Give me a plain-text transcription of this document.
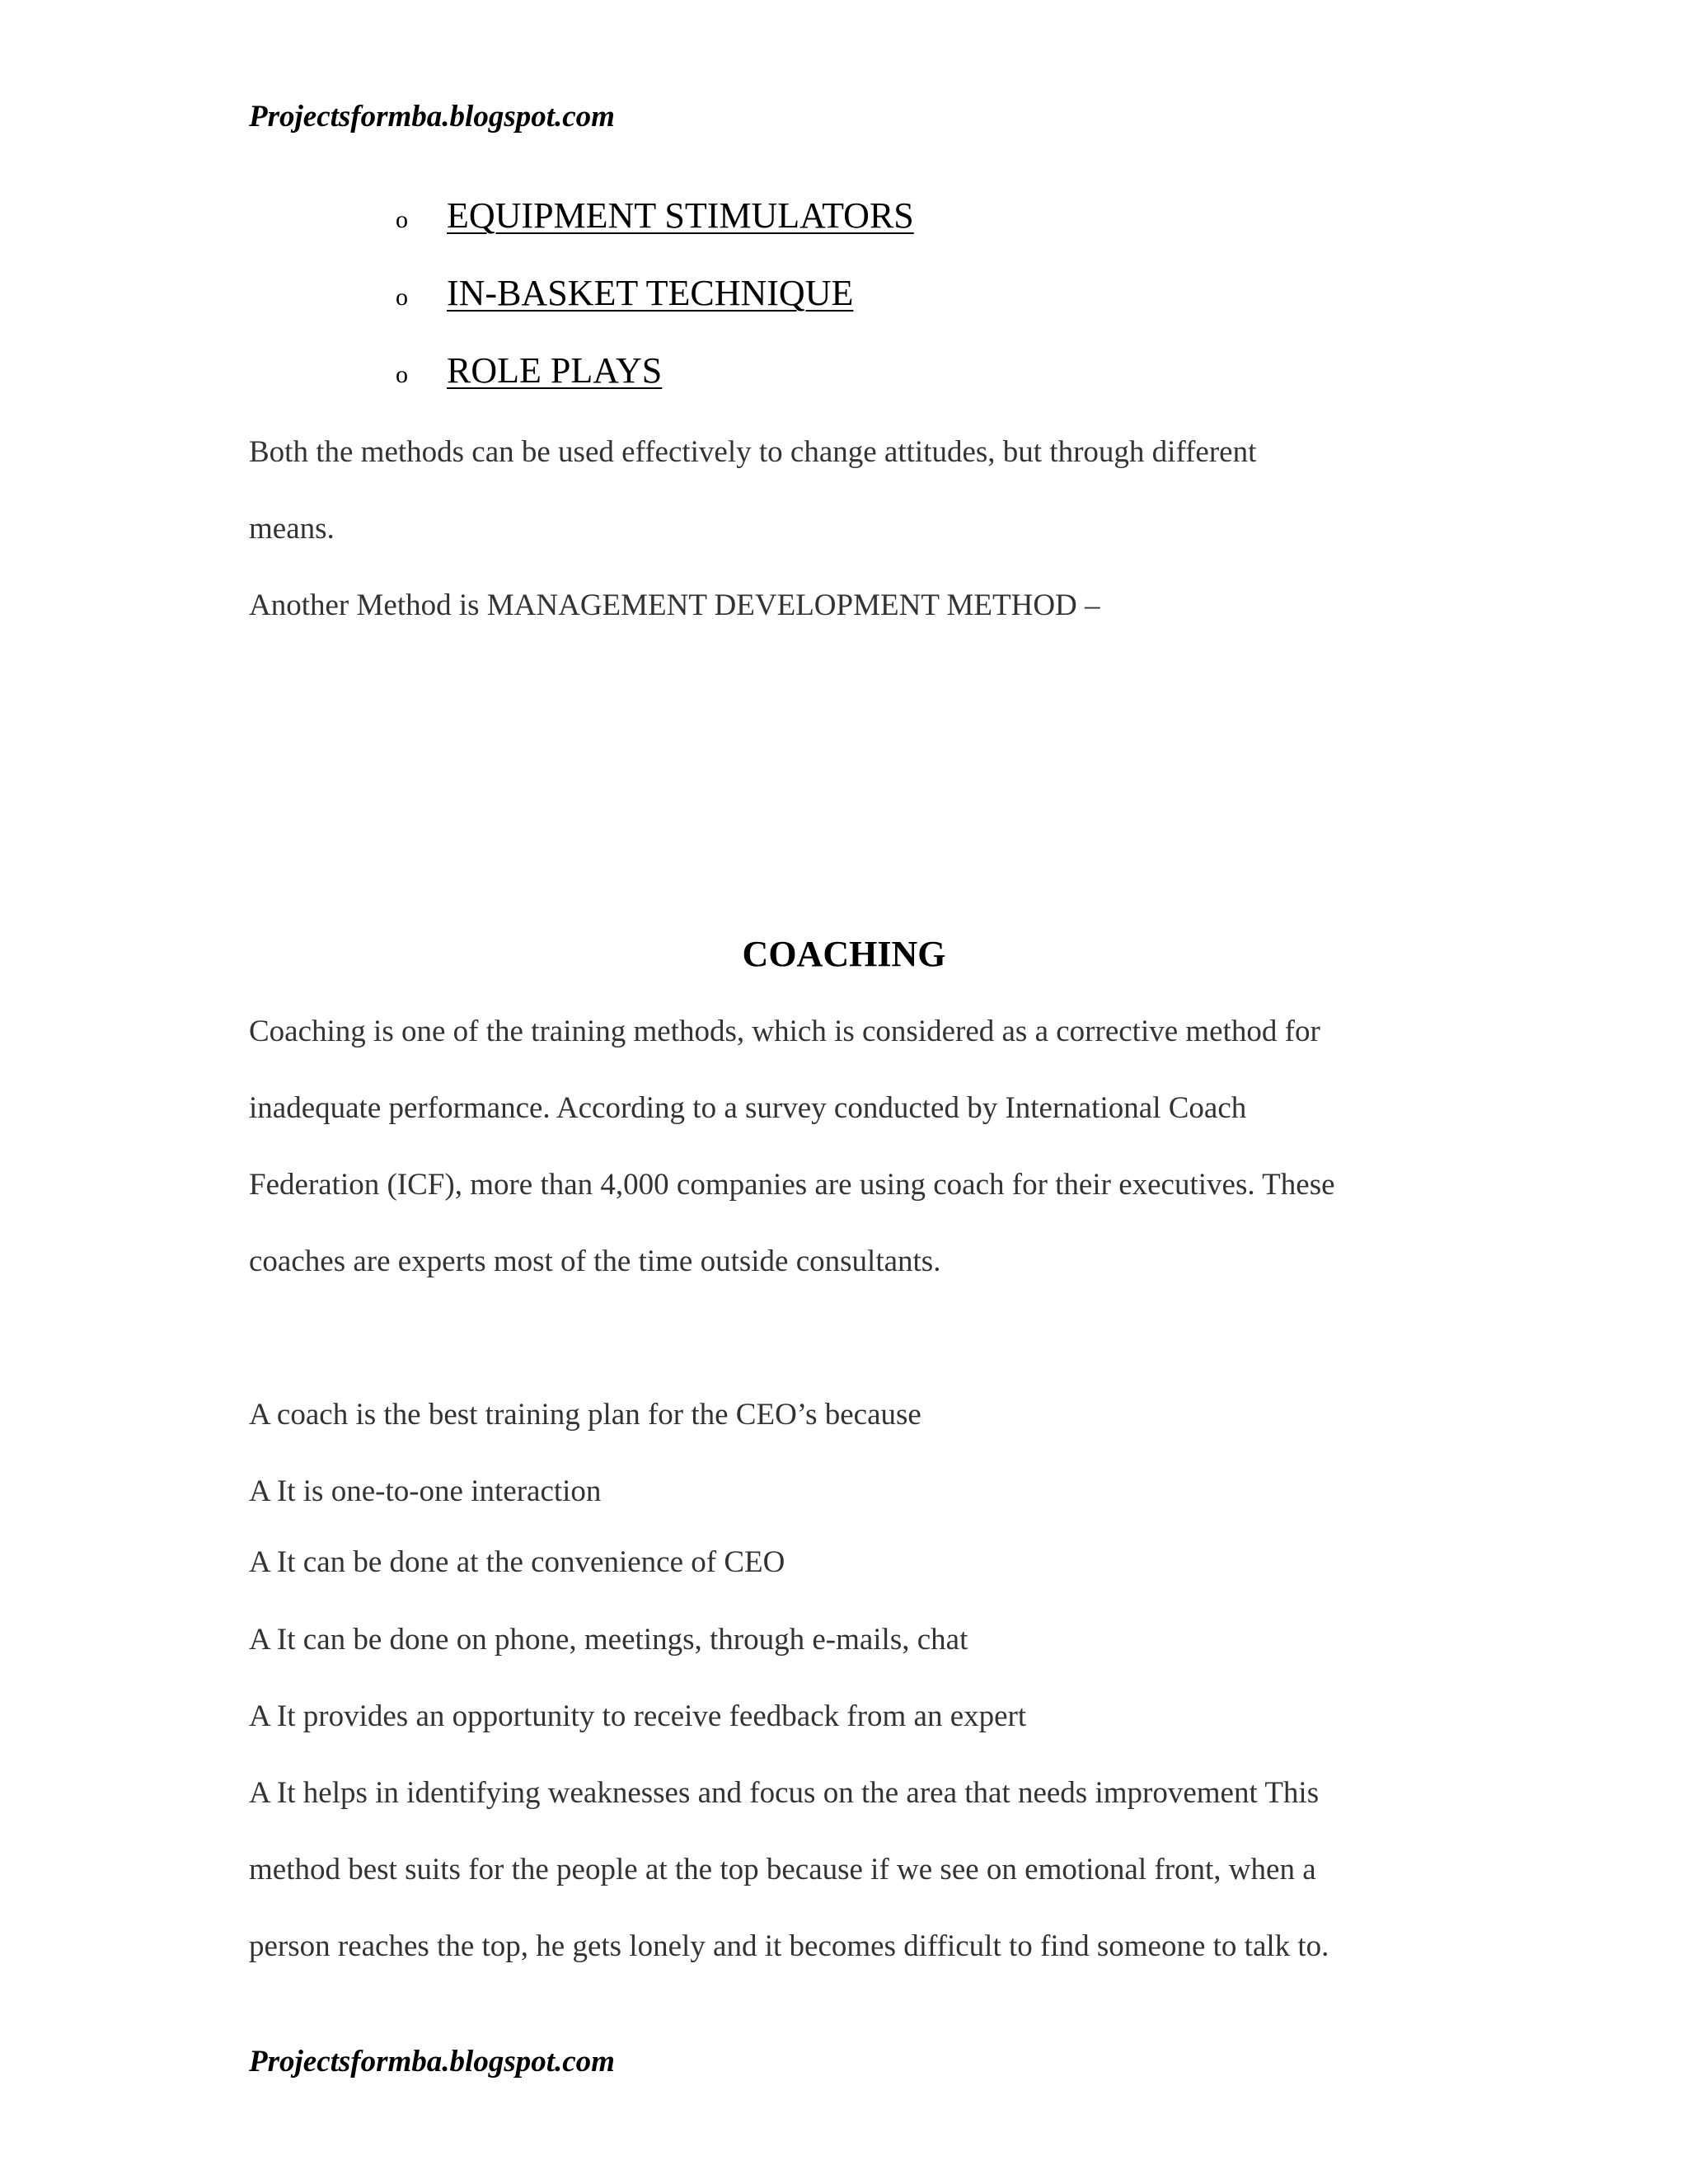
Projectsformba.blogspot.com
o EQUIPMENT STIMULATORS
o IN-BASKET TECHNIQUE
o ROLE PLAYS
Both the methods can be used effectively to change attitudes, but through different
means.
Another Method is MANAGEMENT DEVELOPMENT METHOD –
COACHING
Coaching is one of the training methods, which is considered as a corrective method for
inadequate performance. According to a survey conducted by International Coach
Federation (ICF), more than 4,000 companies are using coach for their executives. These
coaches are experts most of the time outside consultants.
A coach is the best training plan for the CEO’s because
A It is one-to-one interaction
A It can be done at the convenience of CEO
A It can be done on phone, meetings, through e-mails, chat
A It provides an opportunity to receive feedback from an expert
A It helps in identifying weaknesses and focus on the area that needs improvement This
method best suits for the people at the top because if we see on emotional front, when a
person reaches the top, he gets lonely and it becomes difficult to find someone to talk to.
Projectsformba.blogspot.com
